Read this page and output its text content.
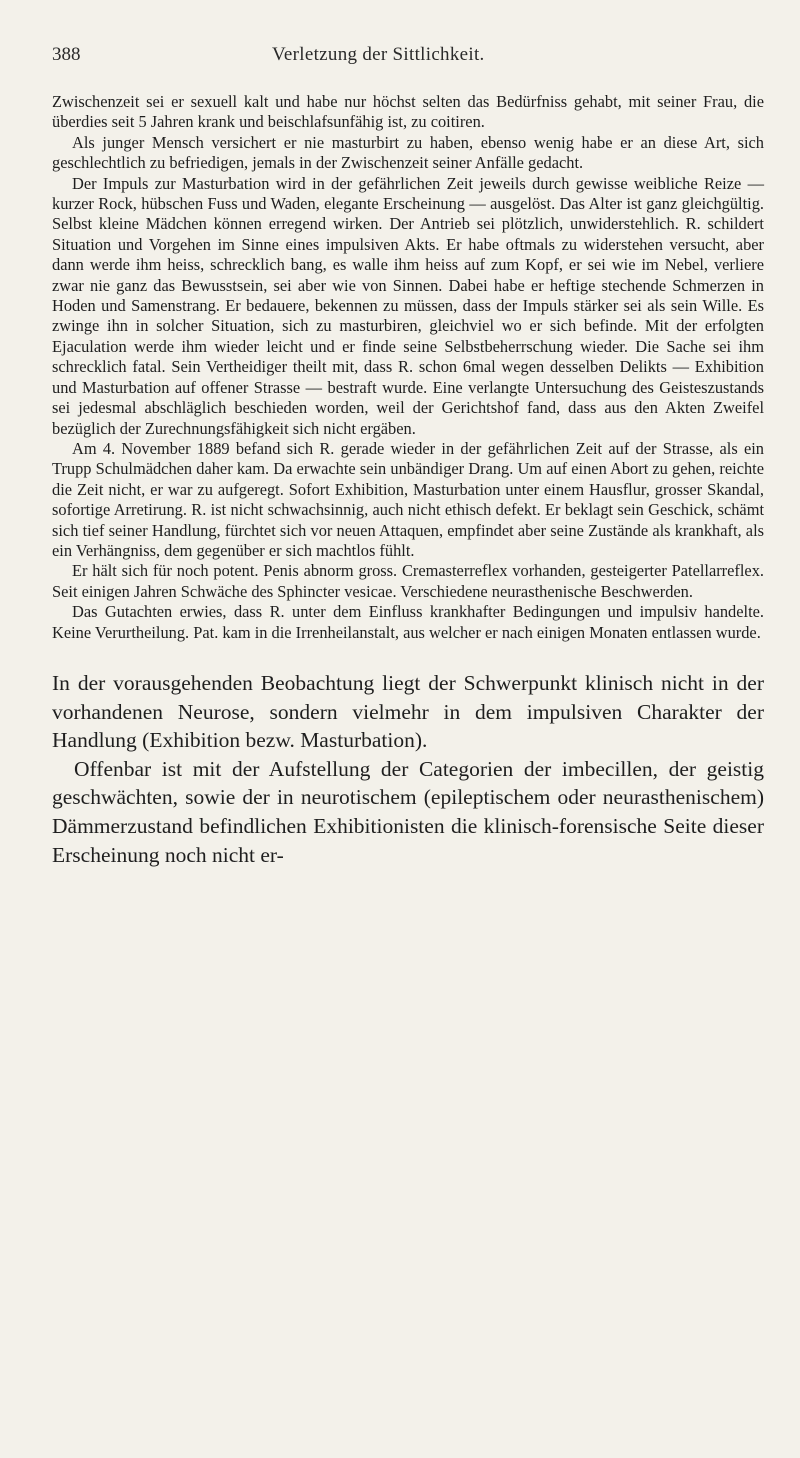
388	Verletzung der Sittlichkeit.

Zwischenzeit sei er sexuell kalt und habe nur höchst selten das Bedürfniss gehabt, mit seiner Frau, die überdies seit 5 Jahren krank und beischlafsunfähig ist, zu coitiren.

Als junger Mensch versichert er nie masturbirt zu haben, ebenso wenig habe er an diese Art, sich geschlechtlich zu befriedigen, jemals in der Zwischenzeit seiner Anfälle gedacht.

Der Impuls zur Masturbation wird in der gefährlichen Zeit jeweils durch gewisse weibliche Reize — kurzer Rock, hübschen Fuss und Waden, elegante Erscheinung — ausgelöst. Das Alter ist ganz gleichgültig. Selbst kleine Mädchen können erregend wirken. Der Antrieb sei plötzlich, unwiderstehlich. R. schildert Situation und Vorgehen im Sinne eines impulsiven Akts. Er habe oftmals zu widerstehen versucht, aber dann werde ihm heiss, schrecklich bang, es walle ihm heiss auf zum Kopf, er sei wie im Nebel, verliere zwar nie ganz das Bewusstsein, sei aber wie von Sinnen. Dabei habe er heftige stechende Schmerzen in Hoden und Samenstrang. Er bedauere, bekennen zu müssen, dass der Impuls stärker sei als sein Wille. Es zwinge ihn in solcher Situation, sich zu masturbiren, gleichviel wo er sich befinde. Mit der erfolgten Ejaculation werde ihm wieder leicht und er finde seine Selbstbeherrschung wieder. Die Sache sei ihm schrecklich fatal. Sein Vertheidiger theilt mit, dass R. schon 6mal wegen desselben Delikts — Exhibition und Masturbation auf offener Strasse — bestraft wurde. Eine verlangte Untersuchung des Geisteszustands sei jedesmal abschläglich beschieden worden, weil der Gerichtshof fand, dass aus den Akten Zweifel bezüglich der Zurechnungsfähigkeit sich nicht ergäben.

Am 4. November 1889 befand sich R. gerade wieder in der gefährlichen Zeit auf der Strasse, als ein Trupp Schulmädchen daher kam. Da erwachte sein unbändiger Drang. Um auf einen Abort zu gehen, reichte die Zeit nicht, er war zu aufgeregt. Sofort Exhibition, Masturbation unter einem Hausflur, grosser Skandal, sofortige Arretirung. R. ist nicht schwachsinnig, auch nicht ethisch defekt. Er beklagt sein Geschick, schämt sich tief seiner Handlung, fürchtet sich vor neuen Attaquen, empfindet aber seine Zustände als krankhaft, als ein Verhängniss, dem gegenüber er sich machtlos fühlt.

Er hält sich für noch potent. Penis abnorm gross. Cremasterreflex vorhanden, gesteigerter Patellarreflex. Seit einigen Jahren Schwäche des Sphincter vesicae. Verschiedene neurasthenische Beschwerden.

Das Gutachten erwies, dass R. unter dem Einfluss krankhafter Bedingungen und impulsiv handelte. Keine Verurtheilung. Pat. kam in die Irrenheilanstalt, aus welcher er nach einigen Monaten entlassen wurde.

In der vorausgehenden Beobachtung liegt der Schwerpunkt klinisch nicht in der vorhandenen Neurose, sondern vielmehr in dem impulsiven Charakter der Handlung (Exhibition bezw. Masturbation).

Offenbar ist mit der Aufstellung der Categorien der imbecillen, der geistig geschwächten, sowie der in neurotischem (epileptischem oder neurasthenischem) Dämmerzustand befindlichen Exhibitionisten die klinisch-forensische Seite dieser Erscheinung noch nicht er-
